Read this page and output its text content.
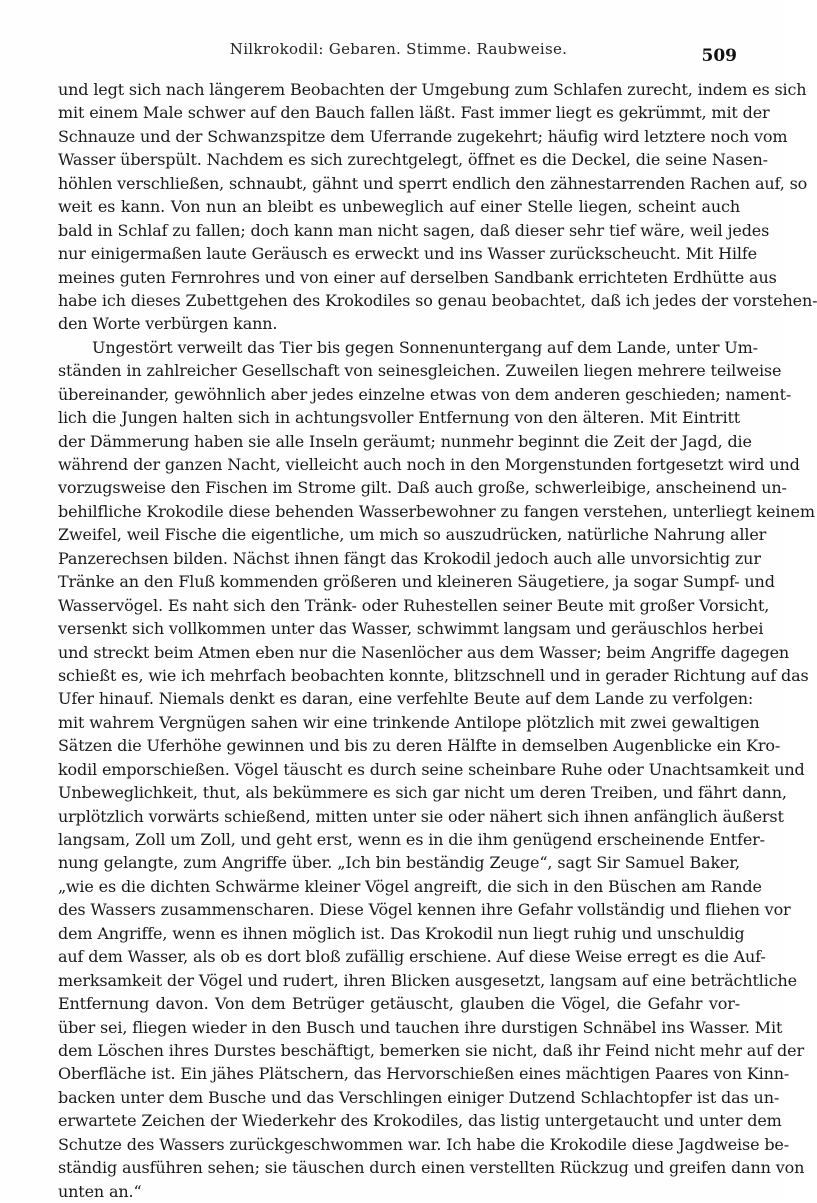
Nilkrokodil: Gebaren. Stimme. Raubweise.	509
und legt sich nach längerem Beobachten der Umgebung zum Schlafen zurecht, indem es sich
mit einem Male schwer auf den Bauch fallen läßt. Fast immer liegt es gekrümmt, mit der
Schnauze und der Schwanzspitze dem Uferrande zugekehrt; häufig wird letztere noch vom
Wasser überspült. Nachdem es sich zurechtgelegt, öffnet es die Deckel, die seine Nasen-
höhlen verschließen, schnaubt, gähnt und sperrt endlich den zähnestarrenden Rachen auf, so
weit es kann. Von nun an bleibt es unbeweglich auf einer Stelle liegen, scheint auch
bald in Schlaf zu fallen; doch kann man nicht sagen, daß dieser sehr tief wäre, weil jedes
nur einigermaßen laute Geräusch es erweckt und ins Wasser zurückscheucht. Mit Hilfe
meines guten Fernrohres und von einer auf derselben Sandbank errichteten Erdhütte aus
habe ich dieses Zubettgehen des Krokodiles so genau beobachtet, daß ich jedes der vorstehen-
den Worte verbürgen kann.
Ungestört verweilt das Tier bis gegen Sonnenuntergang auf dem Lande, unter Um-
ständen in zahlreicher Gesellschaft von seinesgleichen. Zuweilen liegen mehrere teilweise
übereinander, gewöhnlich aber jedes einzelne etwas von dem anderen geschieden; nament-
lich die Jungen halten sich in achtungsvoller Entfernung von den älteren. Mit Eintritt
der Dämmerung haben sie alle Inseln geräumt; nunmehr beginnt die Zeit der Jagd, die
während der ganzen Nacht, vielleicht auch noch in den Morgenstunden fortgesetzt wird und
vorzugsweise den Fischen im Strome gilt. Daß auch große, schwerleibige, anscheinend un-
behilfliche Krokodile diese behenden Wasserbewohner zu fangen verstehen, unterliegt keinem
Zweifel, weil Fische die eigentliche, um mich so auszudrücken, natürliche Nahrung aller
Panzerechsen bilden. Nächst ihnen fängt das Krokodil jedoch auch alle unvorsichtig zur
Tränke an den Fluß kommenden größeren und kleineren Säugetiere, ja sogar Sumpf- und
Wasservögel. Es naht sich den Tränk- oder Ruhestellen seiner Beute mit großer Vorsicht,
versenkt sich vollkommen unter das Wasser, schwimmt langsam und geräuschlos herbei
und streckt beim Atmen eben nur die Nasenlöcher aus dem Wasser; beim Angriffe dagegen
schießt es, wie ich mehrfach beobachten konnte, blitzschnell und in gerader Richtung auf das
Ufer hinauf. Niemals denkt es daran, eine verfehlte Beute auf dem Lande zu verfolgen:
mit wahrem Vergnügen sahen wir eine trinkende Antilope plötzlich mit zwei gewaltigen
Sätzen die Uferhöhe gewinnen und bis zu deren Hälfte in demselben Augenblicke ein Kro-
kodil emporschießen. Vögel täuscht es durch seine scheinbare Ruhe oder Unachtsamkeit und
Unbeweglichkeit, thut, als bekümmere es sich gar nicht um deren Treiben, und fährt dann,
urplötzlich vorwärts schießend, mitten unter sie oder nähert sich ihnen anfänglich äußerst
langsam, Zoll um Zoll, und geht erst, wenn es in die ihm genügend erscheinende Entfer-
nung gelangte, zum Angriffe über. „Ich bin beständig Zeuge“, sagt Sir Samuel Baker,
„wie es die dichten Schwärme kleiner Vögel angreift, die sich in den Büschen am Rande
des Wassers zusammenscharen. Diese Vögel kennen ihre Gefahr vollständig und fliehen vor
dem Angriffe, wenn es ihnen möglich ist. Das Krokodil nun liegt ruhig und unschuldig
auf dem Wasser, als ob es dort bloß zufällig erschiene. Auf diese Weise erregt es die Auf-
merksamkeit der Vögel und rudert, ihren Blicken ausgesetzt, langsam auf eine beträchtliche
Entfernung davon. Von dem Betrüger getäuscht, glauben die Vögel, die Gefahr vor-
über sei, fliegen wieder in den Busch und tauchen ihre durstigen Schnäbel ins Wasser. Mit
dem Löschen ihres Durstes beschäftigt, bemerken sie nicht, daß ihr Feind nicht mehr auf der
Oberfläche ist. Ein jähes Plätschern, das Hervorschießen eines mächtigen Paares von Kinn-
backen unter dem Busche und das Verschlingen einiger Dutzend Schlachtopfer ist das un-
erwartete Zeichen der Wiederkehr des Krokodiles, das listig untergetaucht und unter dem
Schutze des Wassers zurückgeschwommen war. Ich habe die Krokodile diese Jagdweise be-
ständig ausführen sehen; sie täuschen durch einen verstellten Rückzug und greifen dann von
unten an.“
